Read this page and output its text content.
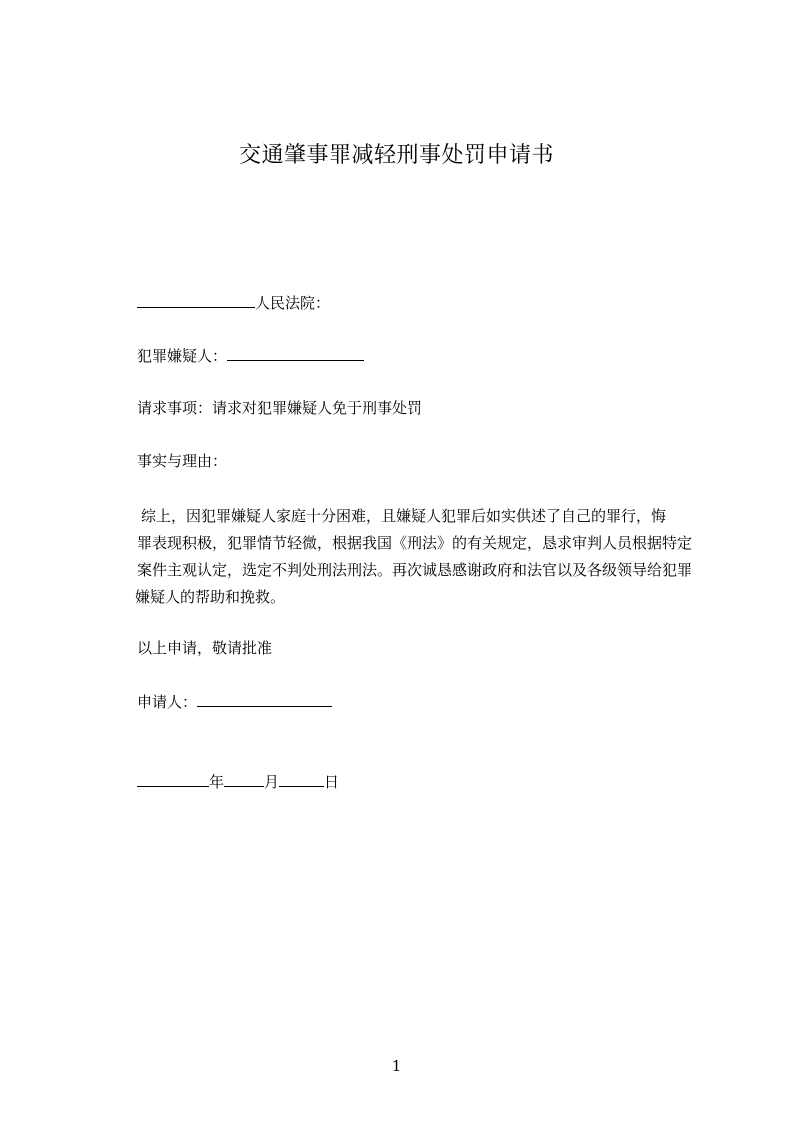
交通肇事罪减轻刑事处罚申请书
人民法院：
犯罪嫌疑人：
请求事项：请求对犯罪嫌疑人免于刑事处罚
事实与理由：
综上，因犯罪嫌疑人家庭十分困难，且嫌疑人犯罪后如实供述了自己的罪行，悔
罪表现积极，犯罪情节轻微，根据我国《刑法》的有关规定，恳求审判人员根据特定
案件主观认定，选定不判处刑法刑法。再次诚恳感谢政府和法官以及各级领导给犯罪
嫌疑人的帮助和挽救。
以上申请，敬请批准
申请人：
年	月	日
1
